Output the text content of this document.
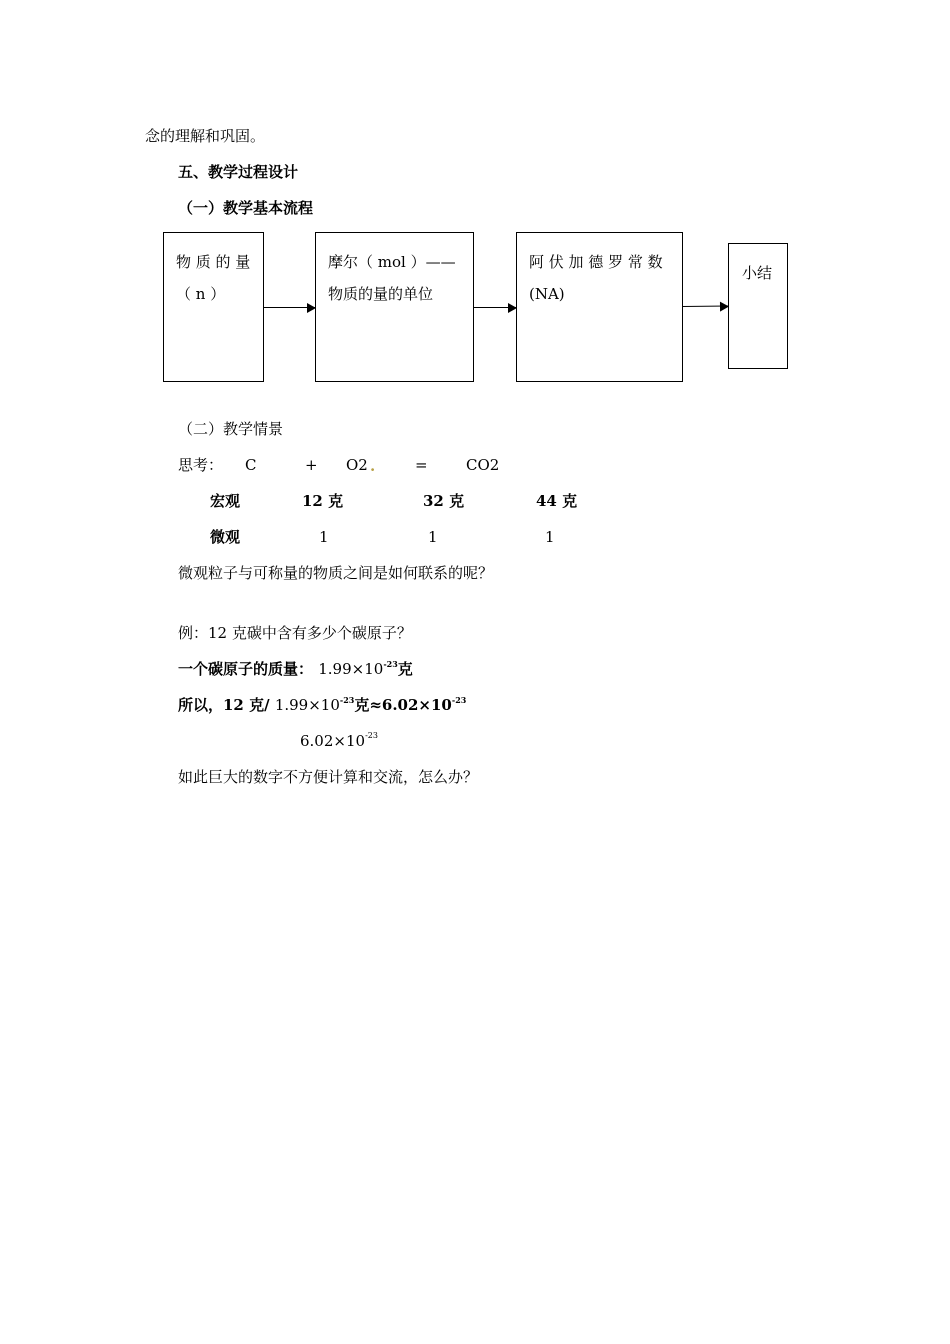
念的理解和巩固。
五、教学过程设计
（一）教学基本流程
物 质 的 量
（ n ）
摩尔（ mol ）——
物质的量的单位
阿 伏 加 德 罗 常 数
(NA)
小结
（二）教学情景
思考： C	+ O2 .	=	CO2
宏观	12 克	32 克	44 克
微观	1	1	1
微观粒子与可称量的物质之间是如何联系的呢？
例：12 克碳中含有多少个碳原子？
一个碳原子的质量： $1.99\times 10^{-23}$克
所以，12 克/ $1.99\times 10^{-23}$克$\approx 6.02\times 10^{-23}$
$6.02\times 10^{-23}$
如此巨大的数字不方便计算和交流，怎么办？
